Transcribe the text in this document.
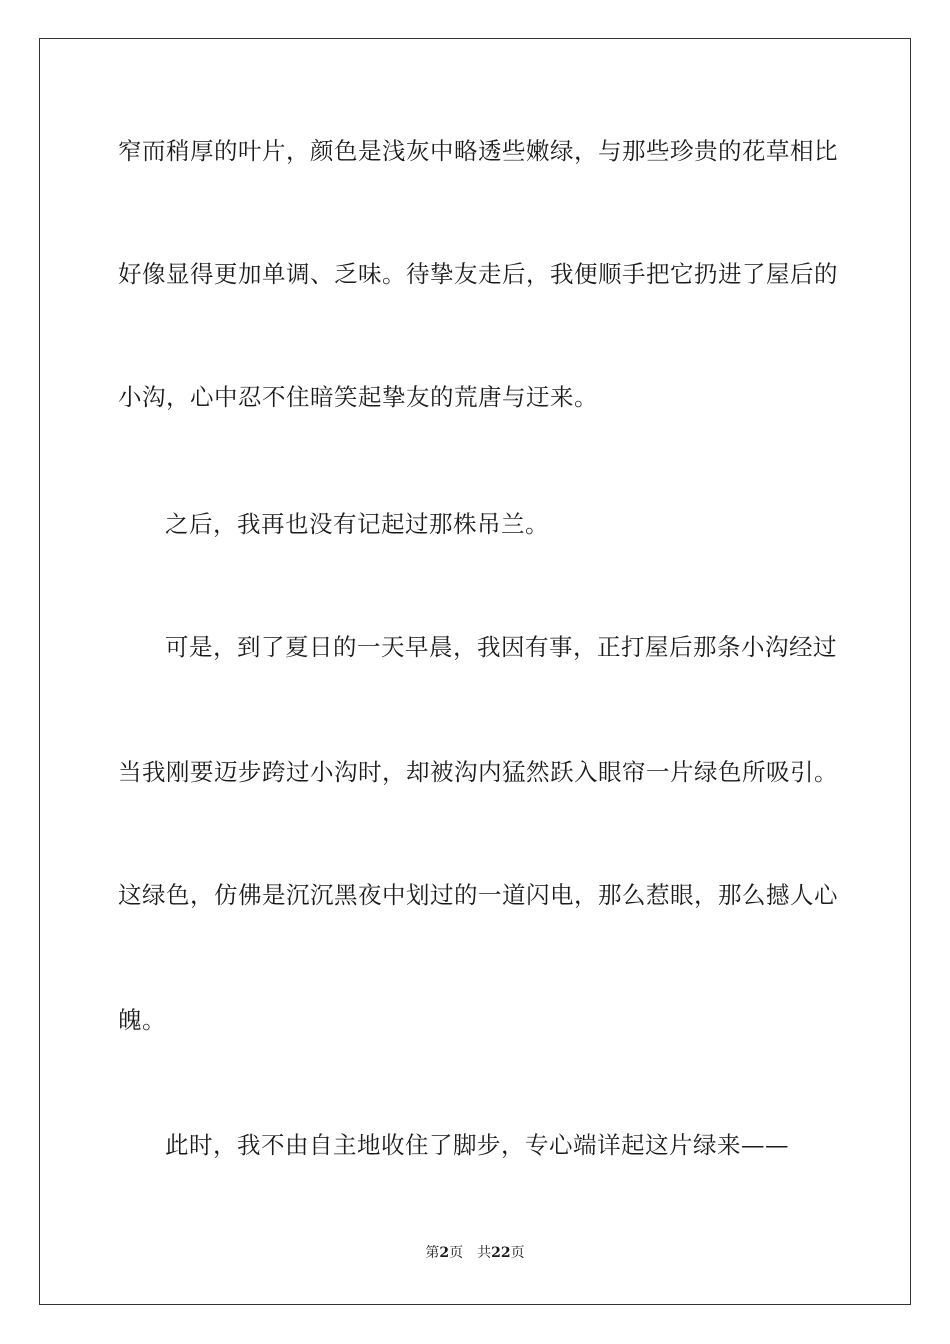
窄而稍厚的叶片，颜色是浅灰中略透些嫩绿，与那些珍贵的花草相比
好像显得更加单调、乏味。待挚友走后，我便顺手把它扔进了屋后的
小沟，心中忍不住暗笑起挚友的荒唐与迂来。
之后，我再也没有记起过那株吊兰。
可是，到了夏日的一天早晨，我因有事，正打屋后那条小沟经过
当我刚要迈步跨过小沟时，却被沟内猛然跃入眼帘一片绿色所吸引。
这绿色，仿佛是沉沉黑夜中划过的一道闪电，那么惹眼，那么撼人心
魄。
此时，我不由自主地收住了脚步，专心端详起这片绿来——
第2页 共22页
